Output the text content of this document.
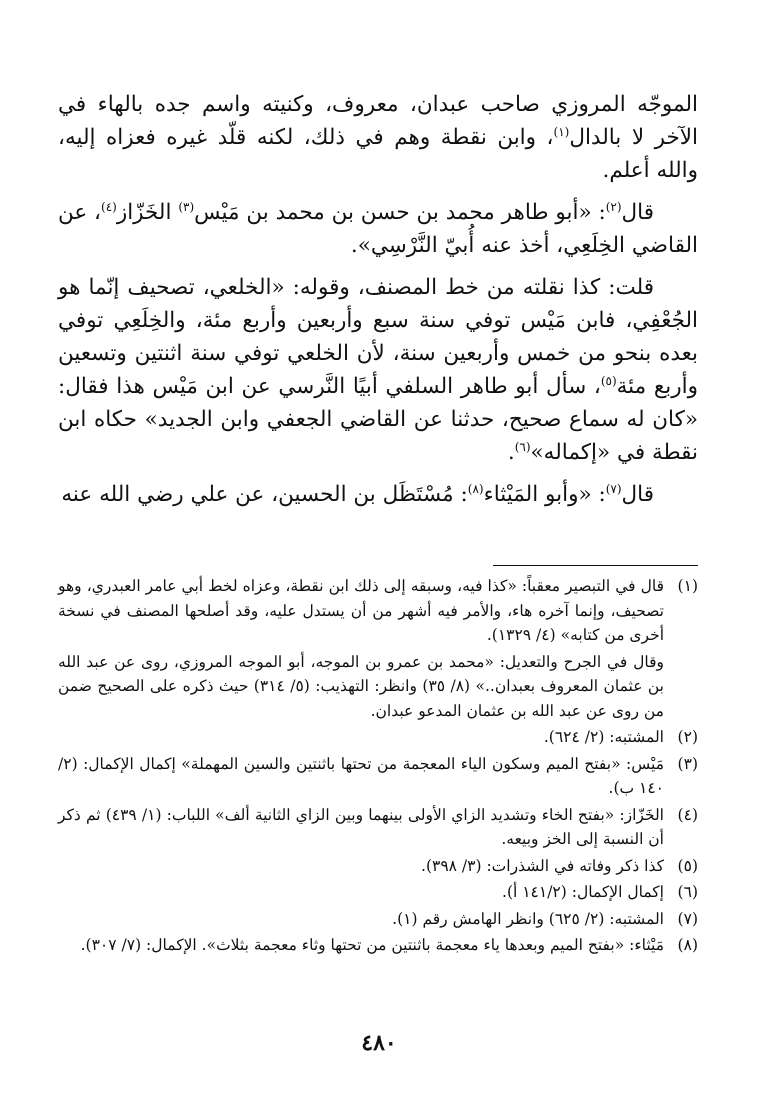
الموجّه المروزي صاحب عبدان، معروف، وكنيته واسم جده بالهاء في الآخر لا بالدال$^{(١)}$، وابن نقطة وهم في ذلك، لكنه قلّد غيره فعزاه إليه، والله أعلم.

قال$^{(٢)}$: «أبو طاهر محمد بن حسن بن محمد بن مَيْس$^{(٣)}$ الخَزّاز$^{(٤)}$، عن القاضي الخِلَعِي، أخذ عنه أُبيّ النَّرْسِي».

قلت: كذا نقلته من خط المصنف، وقوله: «الخلعي، تصحيف إنّما هو الجُعْفِي، فابن مَيْس توفي سنة سبع وأربعين وأربع مئة، والخِلَعِي توفي بعده بنحو من خمس وأربعين سنة، لأن الخلعي توفي سنة اثنتين وتسعين وأربع مئة$^{(٥)}$، سأل أبو طاهر السلفي أبيًا النَّرسي عن ابن مَيْس هذا فقال: «كان له سماع صحيح، حدثنا عن القاضي الجعفي وابن الجديد» حكاه ابن نقطة في «إكماله»$^{(٦)}$.

قال$^{(٧)}$: «وأبو المَيْثاء$^{(٨)}$: مُسْتَظَل بن الحسين، عن علي رضي الله عنه

(١)قال في التبصير معقباً: «كذا فيه، وسبقه إلى ذلك ابن نقطة، وعزاه لخط أبي عامر العبدري، وهو تصحيف، وإنما آخره هاء، والأمر فيه أشهر من أن يستدل عليه، وقد أصلحها المصنف في نسخة أخرى من كتابه» (٤/ ١٣٢٩).

وقال في الجرح والتعديل: «محمد بن عمرو بن الموجه، أبو الموجه المروزي، روى عن عبد الله بن عثمان المعروف بعبدان..» (٨/ ٣٥) وانظر: التهذيب: (٥/ ٣١٤) حيث ذكره على الصحيح ضمن من روى عن عبد الله بن عثمان المدعو عبدان.

(٢)المشتبه: (٢/ ٦٢٤).

(٣)مَيْس: «بفتح الميم وسكون الياء المعجمة من تحتها باثنتين والسين المهملة» إكمال الإكمال: (٢/ ١٤٠ ب).

(٤)الخَزّاز: «بفتح الخاء وتشديد الزاي الأولى بينهما وبين الزاي الثانية ألف» اللباب: (١/ ٤٣٩) ثم ذكر أن النسبة إلى الخز وبيعه.

(٥)كذا ذكر وفاته في الشذرات: (٣/ ٣٩٨).

(٦)إكمال الإكمال: (١٤١/٢ أ).

(٧)المشتبه: (٢/ ٦٢٥) وانظر الهامش رقم (١).

(٨)مَيْثاء: «بفتح الميم وبعدها ياء معجمة باثنتين من تحتها وثاء معجمة بثلاث». الإكمال: (٧/ ٣٠٧).

٤٨٠
